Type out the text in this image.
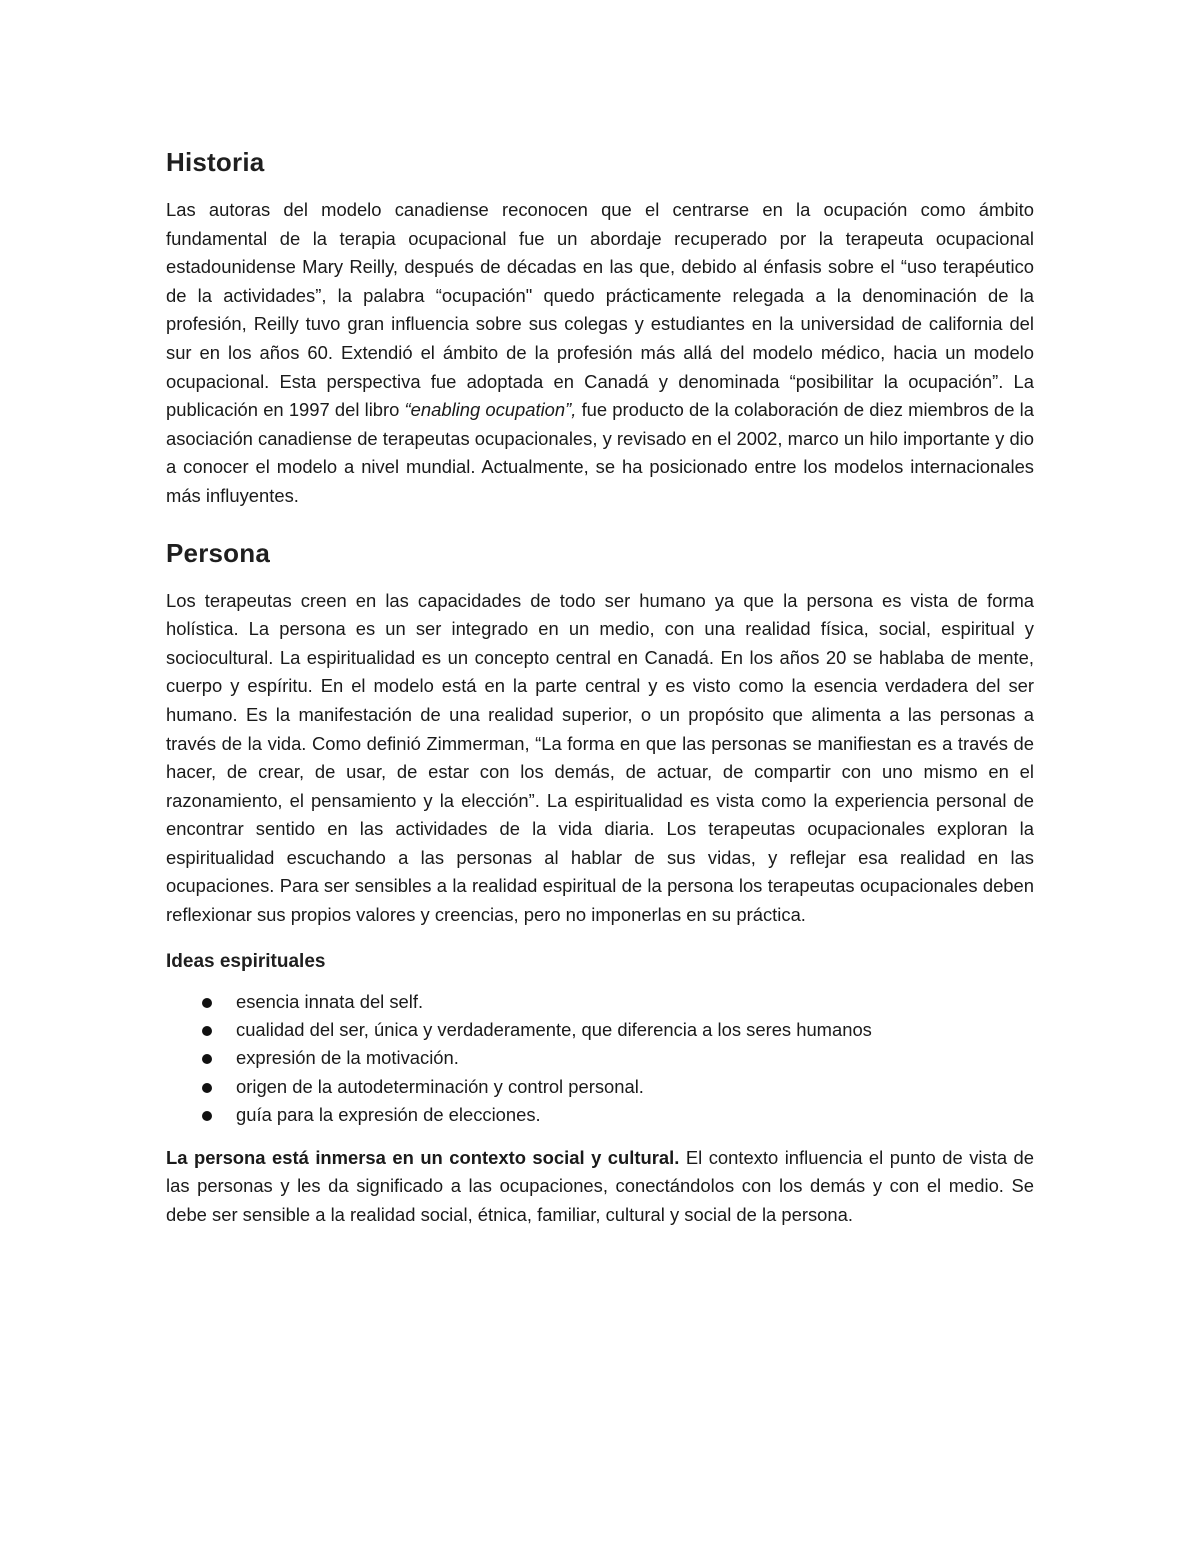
Historia

Las autoras del modelo canadiense reconocen que el centrarse en la ocupación como ámbito fundamental de la terapia ocupacional fue un abordaje recuperado por la terapeuta ocupacional estadounidense Mary Reilly, después de décadas en las que, debido al énfasis sobre el “uso terapéutico de la actividades”, la palabra “ocupación" quedo prácticamente relegada a la denominación de la profesión, Reilly tuvo gran influencia sobre sus colegas y estudiantes en la universidad de california del sur en los años 60. Extendió el ámbito de la profesión más allá del modelo médico, hacia un modelo ocupacional. Esta perspectiva fue adoptada en Canadá y denominada “posibilitar la ocupación”. La publicación en 1997 del libro “enabling ocupation”, fue producto de la colaboración de diez miembros de la asociación canadiense de terapeutas ocupacionales, y revisado en el 2002, marco un hilo importante y dio a conocer el modelo a nivel mundial. Actualmente, se ha posicionado entre los modelos internacionales más influyentes.

Persona

Los terapeutas creen en las capacidades de todo ser humano ya que la persona es vista de forma holística. La persona es un ser integrado en un medio, con una realidad física, social, espiritual y sociocultural. La espiritualidad es un concepto central en Canadá. En los años 20 se hablaba de mente, cuerpo y espíritu. En el modelo está en la parte central y es visto como la esencia verdadera del ser humano. Es la manifestación de una realidad superior, o un propósito que alimenta a las personas a través de la vida. Como definió Zimmerman, “La forma en que las personas se manifiestan es a través de hacer, de crear, de usar, de estar con los demás, de actuar, de compartir con uno mismo en el razonamiento, el pensamiento y la elección”. La espiritualidad es vista como la experiencia personal de encontrar sentido en las actividades de la vida diaria. Los terapeutas ocupacionales exploran la espiritualidad escuchando a las personas al hablar de sus vidas, y reflejar esa realidad en las ocupaciones. Para ser sensibles a la realidad espiritual de la persona los terapeutas ocupacionales deben reflexionar sus propios valores y creencias, pero no imponerlas en su práctica.

Ideas espirituales
esencia innata del self.
cualidad del ser, única y verdaderamente, que diferencia a los seres humanos
expresión de la motivación.
origen de la autodeterminación y control personal.
guía para la expresión de elecciones.

La persona está inmersa en un contexto social y cultural. El contexto influencia el punto de vista de las personas y les da significado a las ocupaciones, conectándolos con los demás y con el medio. Se debe ser sensible a la realidad social, étnica, familiar, cultural y social de la persona.
